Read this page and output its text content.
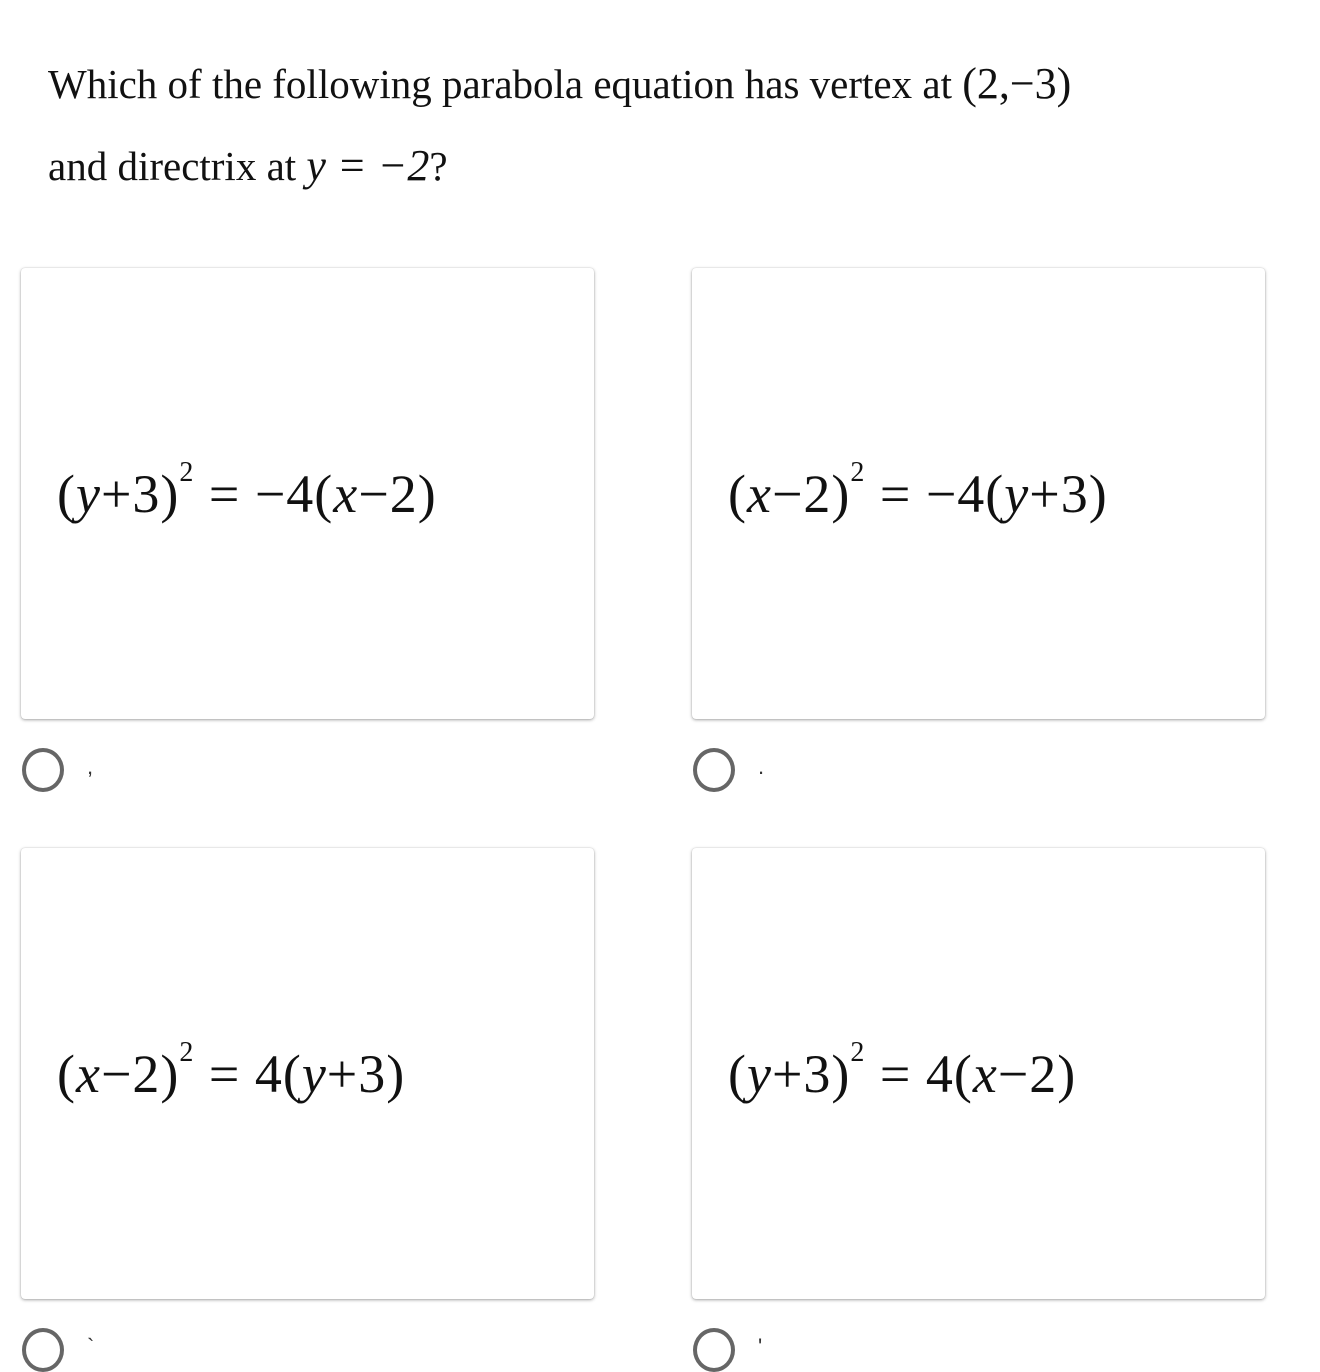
Which of the following parabola equation has vertex at (2,−3)
and directrix at y = −2?
$(y+3)^2 = -4(x-2)$
,
$(x-2)^2 = -4(y+3)$
.
$(x-2)^2 = 4(y+3)$
`
$(y+3)^2 = 4(x-2)$
'
